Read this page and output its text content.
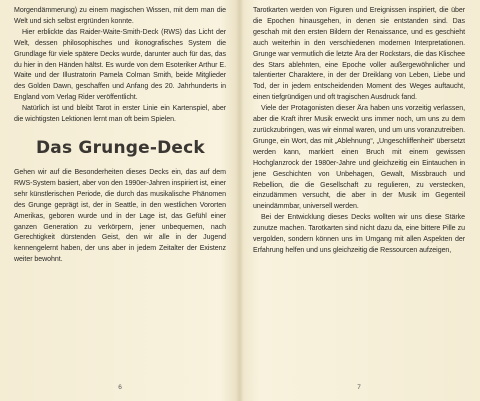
Morgendämmerung) zu einem magischen Wissen, mit dem man die Welt und sich selbst ergründen konnte.

Hier erblickte das Raider-Waite-Smith-Deck (RWS) das Licht der Welt, dessen philosophisches und ikonografisches System die Grundlage für viele spätere Decks wurde, darunter auch für das, das du hier in den Händen hältst. Es wurde von dem Esoteriker Arthur E. Waite und der Illustratorin Pamela Colman Smith, beide Mitglieder des Golden Dawn, geschaffen und Anfang des 20. Jahrhunderts in England vom Verlag Rider veröffentlicht.

Natürlich ist und bleibt Tarot in erster Linie ein Kartenspiel, aber die wichtigsten Lektionen lernt man oft beim Spielen.

Das Grunge-Deck

Gehen wir auf die Besonderheiten dieses Decks ein, das auf dem RWS-System basiert, aber von den 1990er-Jahren inspiriert ist, einer sehr künstlerischen Periode, die durch das musikalische Phänomen des Grunge geprägt ist, der in Seattle, in den westlichen Vororten Amerikas, geboren wurde und in der Lage ist, das Gefühl einer ganzen Generation zu verkörpern, jener unbequemen, nach Gerechtigkeit dürstenden Geist, den wir alle in der Jugend kennengelernt haben, der uns aber in jedem Zeitalter der Existenz weiter bewohnt.

6

Tarotkarten werden von Figuren und Ereignissen inspiriert, die über die Epochen hinausgehen, in denen sie entstanden sind. Das geschah mit den ersten Bildern der Renaissance, und es geschieht auch weiterhin in den verschiedenen modernen Interpretationen. Grunge war vermutlich die letzte Ära der Rockstars, die das Klischee des Stars ablehnten, eine Epoche voller außergewöhnlicher und talentierter Charaktere, in der der Dreiklang von Leben, Liebe und Tod, der in jedem entscheidenden Moment des Weges auftaucht, einen tiefgründigen und oft tragischen Ausdruck fand.

Viele der Protagonisten dieser Ära haben uns vorzeitig verlassen, aber die Kraft ihrer Musik erweckt uns immer noch, um uns zu dem zurückzubringen, was wir einmal waren, und um uns voranzutreiben. Grunge, ein Wort, das mit „Ablehnung“, „Ungeschliffenheit“ übersetzt werden kann, markiert einen Bruch mit einem gewissen Hochglanzrock der 1980er-Jahre und gleichzeitig ein Eintauchen in jene Geschichten von Unbehagen, Gewalt, Missbrauch und Rebellion, die die Gesellschaft zu regulieren, zu verstecken, einzudämmen versucht, die aber in der Musik im Gegenteil uneindämmbar, universell werden.

Bei der Entwicklung dieses Decks wollten wir uns diese Stärke zunutze machen. Tarotkarten sind nicht dazu da, eine bittere Pille zu vergolden, sondern können uns im Umgang mit allen Aspekten der Erfahrung helfen und uns gleichzeitig die Ressourcen aufzeigen,

7
